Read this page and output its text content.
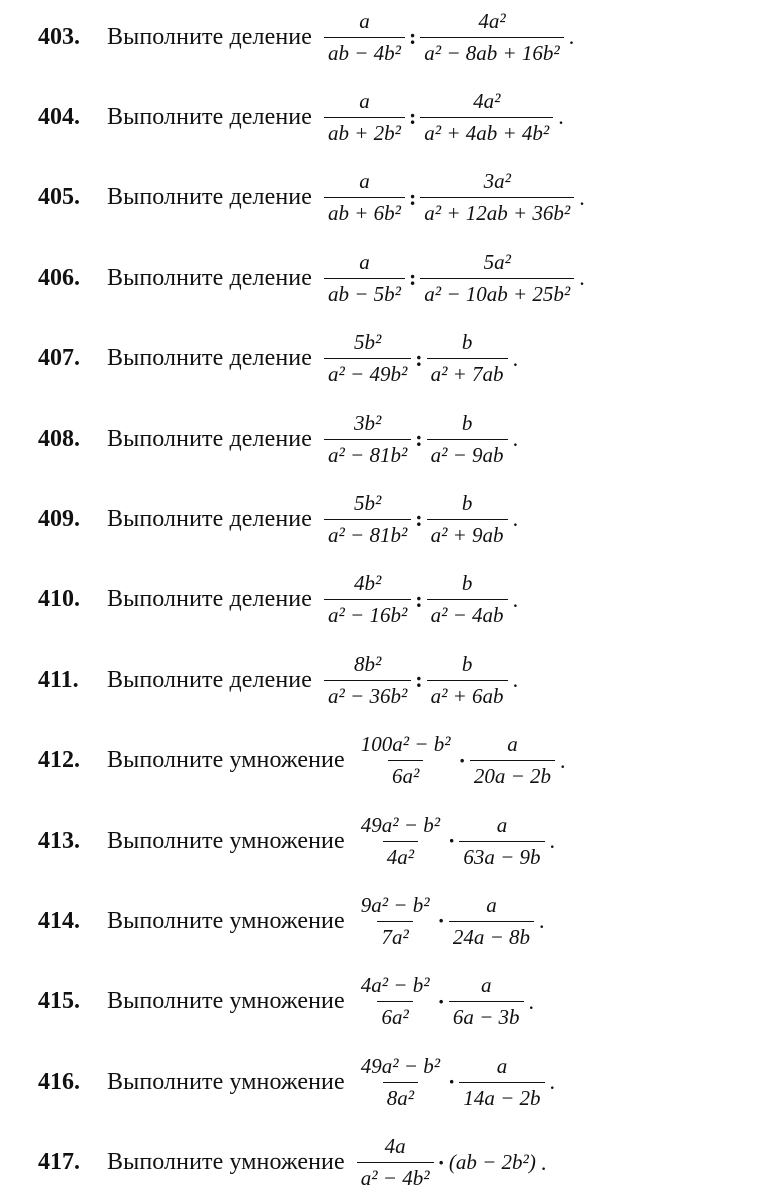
403.	Выполните деление $\frac{a}{\text{ab − 4b²}}$ : $\frac{\text{4a²}}{\text{a² − 8ab + 16b²}}$ .
404.	Выполните деление $\frac{a}{\text{ab + 2b²}}$ : $\frac{\text{4a²}}{\text{a² + 4ab + 4b²}}$ .
405.	Выполните деление $\frac{a}{\text{ab + 6b²}}$ : $\frac{\text{3a²}}{\text{a² + 12ab + 36b²}}$ .
406.	Выполните деление $\frac{a}{\text{ab − 5b²}}$ : $\frac{\text{5a²}}{\text{a² − 10ab + 25b²}}$ .
407.	Выполните деление $\frac{\text{5b²}}{\text{a² − 49b²}}$ : $\frac{b}{\text{a² + 7ab}}$ .
408.	Выполните деление $\frac{\text{3b²}}{\text{a² − 81b²}}$ : $\frac{b}{\text{a² − 9ab}}$ .
409.	Выполните деление $\frac{\text{5b²}}{\text{a² − 81b²}}$ : $\frac{b}{\text{a² + 9ab}}$ .
410.	Выполните деление $\frac{\text{4b²}}{\text{a² − 16b²}}$ : $\frac{b}{\text{a² − 4ab}}$ .
411.	Выполните деление $\frac{\text{8b²}}{\text{a² − 36b²}}$ : $\frac{b}{\text{a² + 6ab}}$ .
412.	Выполните умножение $\frac{\text{100a² − b²}}{\text{6a²}} \cdot \frac{a}{20a - 2b}$ .
413.	Выполните умножение $\frac{\text{49a² − b²}}{\text{4a²}} \cdot \frac{a}{63a - 9b}$ .
414.	Выполните умножение $\frac{\text{9a² − b²}}{\text{7a²}} \cdot \frac{a}{24a - 8b}$ .
415.	Выполните умножение $\frac{\text{4a² − b²}}{\text{6a²}} \cdot \frac{a}{6a - 3b}$ .
416.	Выполните умножение $\frac{\text{49a² − b²}}{\text{8a²}} \cdot \frac{a}{14a - 2b}$ .
417.	Выполните умножение $\frac{4a}{\text{a² − 4b²}} \cdot (ab - 2b^2)$ .
